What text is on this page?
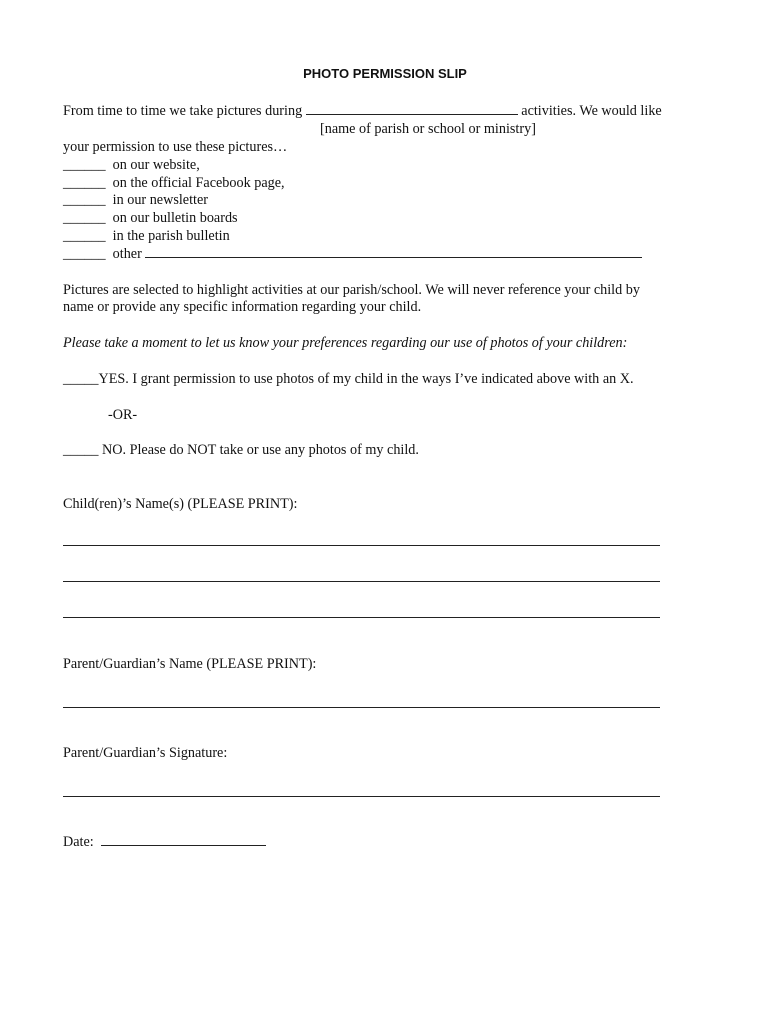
PHOTO PERMISSION SLIP
From time to time we take pictures during	activities. We would like
[name of parish or school or ministry]
your permission to use these pictures…
______ on our website,
______ on the official Facebook page,
______ in our newsletter
______ on our bulletin boards
______ in the parish bulletin
______ other
Pictures are selected to highlight activities at our parish/school. We will never reference your child by
name or provide any specific information regarding your child.
Please take a moment to let us know your preferences regarding our use of photos of your children:
_____YES. I grant permission to use photos of my child in the ways I’ve indicated above with an X.
-OR-
_____ NO. Please do NOT take or use any photos of my child.
Child(ren)’s Name(s) (PLEASE PRINT):
Parent/Guardian’s Name (PLEASE PRINT):
Parent/Guardian’s Signature:
Date:
